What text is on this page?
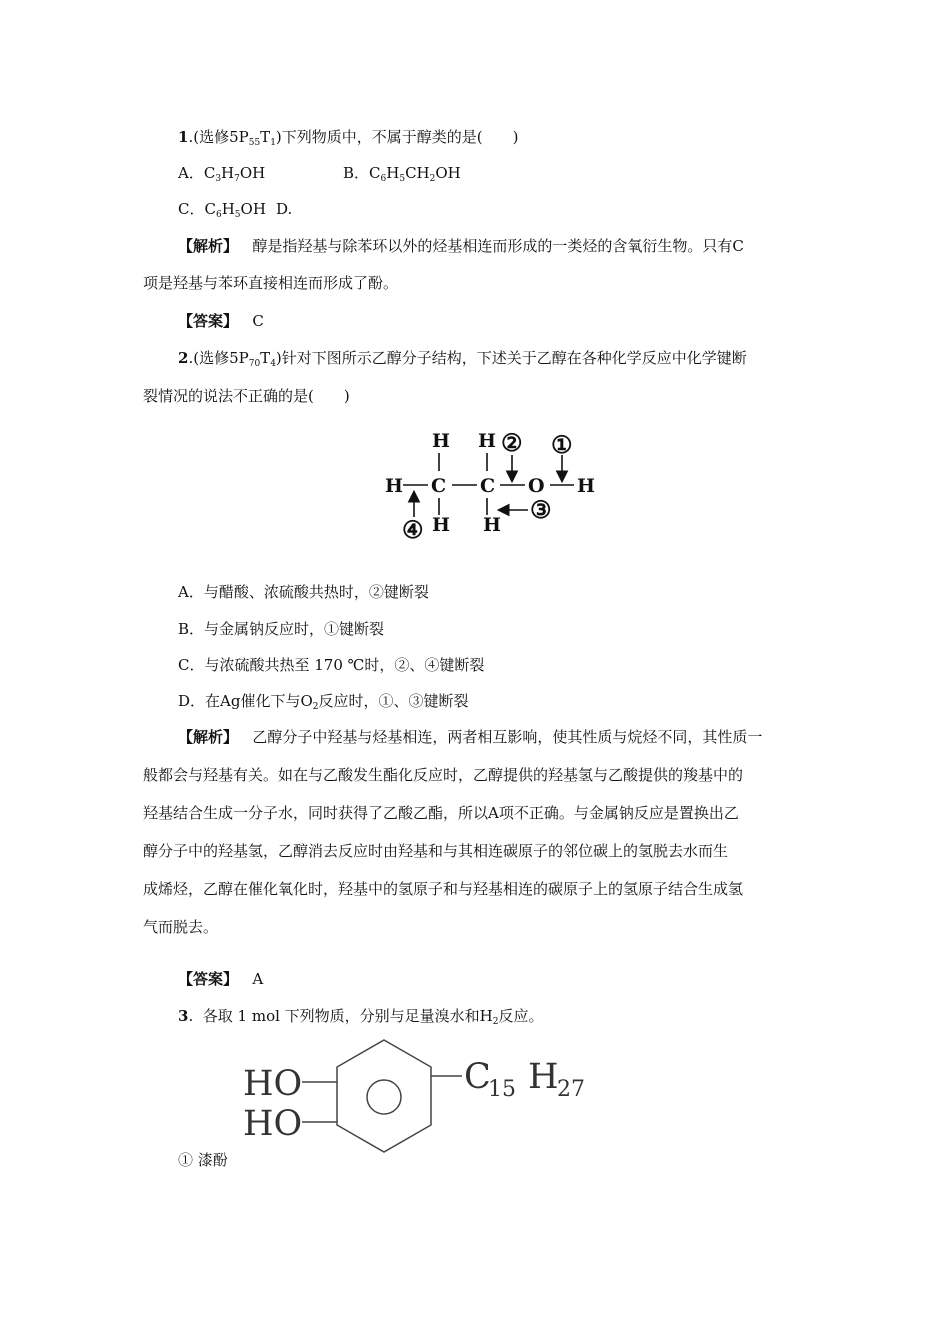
1.(选修$5P_{55}T_1$)下列物质中，不属于醇类的是(　　)
A．$C_3H_7OH$	B．$C_6H_5CH_2OH$
C．$C_6H_5OH$ D.
【解析】 醇是指羟基与除苯环以外的烃基相连而形成的一类烃的含氧衍生物。只有C
项是羟基与苯环直接相连而形成了酚。
【答案】 C
2.(选修$5P_{70}T_4$)针对下图所示乙醇分子结构，下述关于乙醇在各种化学反应中化学键断
裂情况的说法不正确的是(　　)
H H
H C C O H
H H
② ①
③
④
A．与醋酸、浓硫酸共热时，②键断裂
B．与金属钠反应时，①键断裂
C．与浓硫酸共热至 170 ℃时，②、④键断裂
D．在Ag催化下与$O_2$反应时，①、③键断裂
【解析】 乙醇分子中羟基与烃基相连，两者相互影响，使其性质与烷烃不同，其性质一
般都会与羟基有关。如在与乙酸发生酯化反应时，乙醇提供的羟基氢与乙酸提供的羧基中的
羟基结合生成一分子水，同时获得了乙酸乙酯，所以A项不正确。与金属钠反应是置换出乙
醇分子中的羟基氢，乙醇消去反应时由羟基和与其相连碳原子的邻位碳上的氢脱去水而生
成烯烃，乙醇在催化氧化时，羟基中的氢原子和与羟基相连的碳原子上的氢原子结合生成氢
气而脱去。
【答案】 A
3. 各取 1 mol 下列物质，分别与足量溴水和$H_2$反应。
HO
HO
C
15 H
27
① 漆酚
